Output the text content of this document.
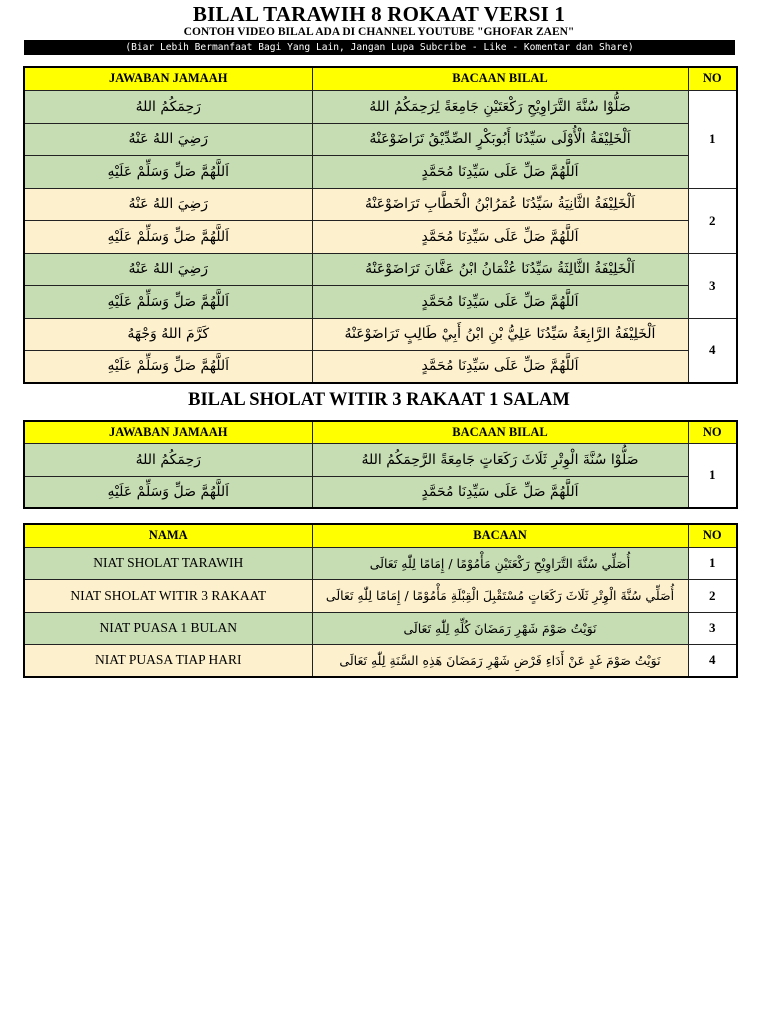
BILAL TARAWIH 8 ROKAAT VERSI 1
CONTOH VIDEO BILAL ADA DI CHANNEL YOUTUBE "GHOFAR ZAEN"
(Biar Lebih Bermanfaat Bagi Yang Lain, Jangan Lupa Subcribe - Like - Komentar dan Share)
JAWABAN JAMAAH	BACAAN BILAL	NO
رَحِمَكُمُ اللهُ	صَلُّوْا سُنَّةَ التَّرَاوِيْحِ رَكْعَتَيْنِ جَامِعَةً لِرَحِمَكُمُ اللهُ	1
رَضِيَ اللهُ عَنْهُ	اَلْخَلِيْفَةُ الْأُوْلَى سَيِّدُنَا أَبُوبَكْرٍ الصِّدِّيْقُ تَرَاضَوْعَنْهُ	
اَللَّهُمَّ صَلِّ وَسَلِّمْ عَلَيْهِ	اَللَّهُمَّ صَلِّ عَلَى سَيِّدِنَا مُحَمَّدٍ	
رَضِيَ اللهُ عَنْهُ	اَلْخَلِيْفَةُ الثَّانِيَةُ سَيِّدُنَا عُمَرُابْنُ الْخَطَّابِ تَرَاضَوْعَنْهُ	2
اَللَّهُمَّ صَلِّ وَسَلِّمْ عَلَيْهِ	اَللَّهُمَّ صَلِّ عَلَى سَيِّدِنَا مُحَمَّدٍ	
رَضِيَ اللهُ عَنْهُ	اَلْخَلِيْفَةُ الثَّالِثَةُ سَيِّدُنَا عُثْمَانُ ابْنُ عَفَّانَ تَرَاضَوْعَنْهُ	3
اَللَّهُمَّ صَلِّ وَسَلِّمْ عَلَيْهِ	اَللَّهُمَّ صَلِّ عَلَى سَيِّدِنَا مُحَمَّدٍ	
كَرَّمَ اللهُ وَجْهَهُ	اَلْخَلِيْفَةُ الرَّابِعَةُ سَيِّدُنَا عَلِيُّ بْنِ ابْنُ أَبِيْ طَالِبٍ تَرَاضَوْعَنْهُ	4
اَللَّهُمَّ صَلِّ وَسَلِّمْ عَلَيْهِ	اَللَّهُمَّ صَلِّ عَلَى سَيِّدِنَا مُحَمَّدٍ	
BILAL SHOLAT WITIR 3 RAKAAT 1 SALAM
JAWABAN JAMAAH	BACAAN BILAL	NO
رَحِمَكُمُ اللهُ	صَلُّوْا سُنَّةَ الْوِتْرِ ثَلَاثَ رَكَعَاتٍ جَامِعَةً الرَّحِمَكُمُ اللهُ	1
اَللَّهُمَّ صَلِّ وَسَلِّمْ عَلَيْهِ	اَللَّهُمَّ صَلِّ عَلَى سَيِّدِنَا مُحَمَّدٍ	
NAMA	BACAAN	NO
NIAT SHOLAT TARAWIH	أُصَلِّي سُنَّةَ التَّرَاوِيْحِ رَكْعَتَيْنِ مَأْمُوْمًا / إِمَامًا لِلّٰهِ تَعَالَى	1
NIAT SHOLAT WITIR 3 RAKAAT	أُصَلِّي سُنَّةَ الْوِتْرِ ثَلَاثَ رَكَعَاتٍ مُسْتَقْبِلَ الْقِبْلَةِ مَأْمُوْمًا / إِمَامًا لِلّٰهِ تَعَالَى	2
NIAT PUASA 1 BULAN	نَوَيْتُ صَوْمَ شَهْرِ رَمَضَانَ كُلِّهِ لِلّٰهِ تَعَالَى	3
NIAT PUASA TIAP HARI	نَوَيْتُ صَوْمَ غَدٍ عَنْ أَدَاءِ فَرْضِ شَهْرِ رَمَضَانَ هَذِهِ السَّنَةِ لِلّٰهِ تَعَالَى	4
